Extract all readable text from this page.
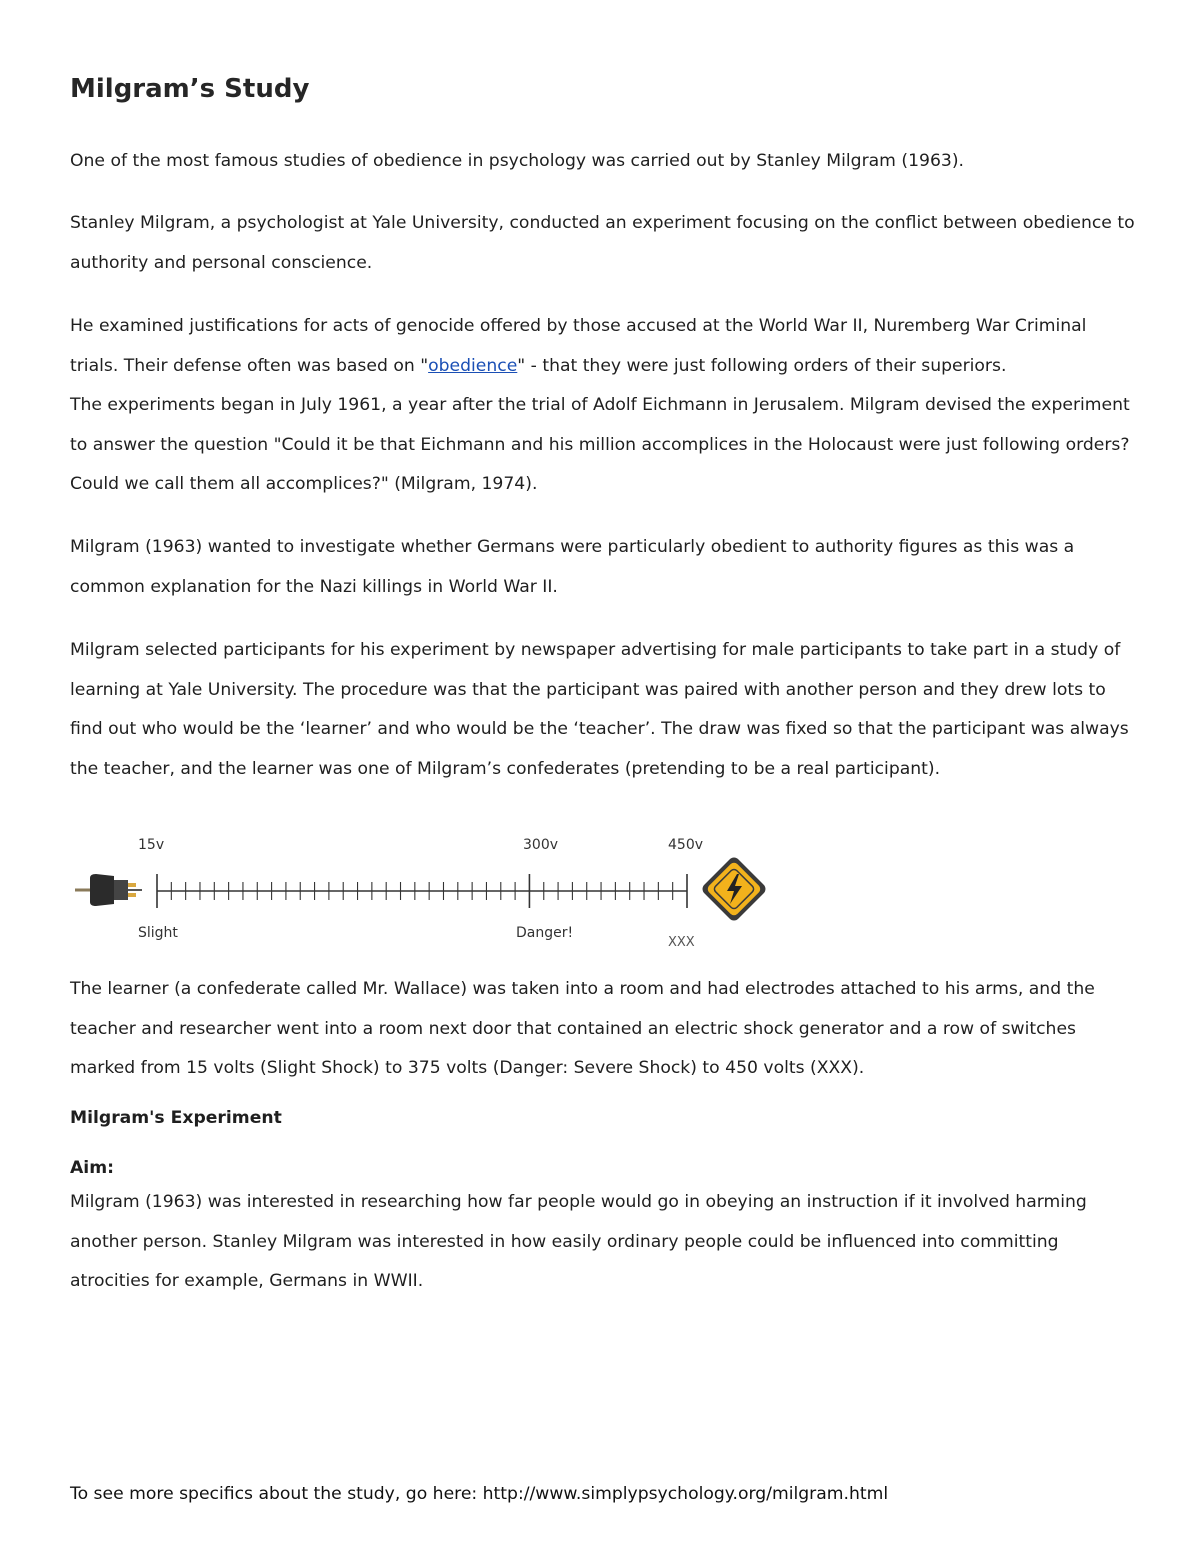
Milgram’s Study

One of the most famous studies of obedience in psychology was carried out by Stanley Milgram (1963).

Stanley Milgram, a psychologist at Yale University, conducted an experiment focusing on the conflict between obedience to authority and personal conscience.

He examined justifications for acts of genocide offered by those accused at the World War II, Nuremberg War Criminal trials. Their defense often was based on "obedience" - that they were just following orders of their superiors.

The experiments began in July 1961, a year after the trial of Adolf Eichmann in Jerusalem. Milgram devised the experiment to answer the question "Could it be that Eichmann and his million accomplices in the Holocaust were just following orders? Could we call them all accomplices?" (Milgram, 1974).

Milgram (1963) wanted to investigate whether Germans were particularly obedient to authority figures as this was a common explanation for the Nazi killings in World War II.

Milgram selected participants for his experiment by newspaper advertising for male participants to take part in a study of learning at Yale University. The procedure was that the participant was paired with another person and they drew lots to find out who would be the ‘learner’ and who would be the ‘teacher’. The draw was fixed so that the participant was always the teacher, and the learner was one of Milgram’s confederates (pretending to be a real participant).

15v	300v	450v
Slight	Danger!
XXX

The learner (a confederate called Mr. Wallace) was taken into a room and had electrodes attached to his arms, and the teacher and researcher went into a room next door that contained an electric shock generator and a row of switches marked from 15 volts (Slight Shock) to 375 volts (Danger: Severe Shock) to 450 volts (XXX).

Milgram's Experiment

Aim:

Milgram (1963) was interested in researching how far people would go in obeying an instruction if it involved harming another person. Stanley Milgram was interested in how easily ordinary people could be influenced into committing atrocities for example, Germans in WWII.

To see more specifics about the study, go here: http://www.simplypsychology.org/milgram.html
